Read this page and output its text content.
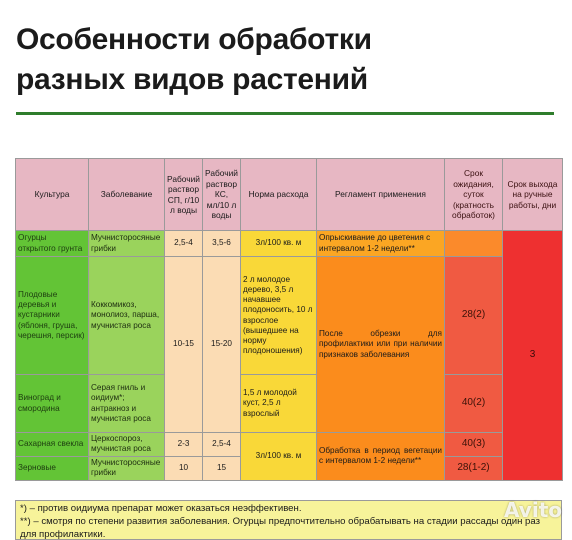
Особенности обработки
разных видов растений
Культура	Заболевание	Рабочий раствор СП, г/10 л воды	Рабочий раствор КС, мл/10 л воды	Норма расхода	Регламент применения	Срок ожидания, суток (кратность обработок)	Срок выхода на ручные работы, дни
Огурцы открытого грунта	Мучнисторосяные грибки	2,5-4	3,5-6	3л/100 кв. м	Опрыскивание до цветения с интервалом 1-2 недели**		3
Плодовые деревья и кустарники (яблоня, груша, черешня, персик)	Коккомикоз, монолиоз, парша, мучнистая роса	10-15	15-20	2 л молодое дерево, 3,5 л начавшее плодоносить, 10 л взрослое (вышедшее на норму плодоношения)	После обрезки для профилактики или при наличии признаков заболевания	28(2)	
Виноград и смородина	Серая гниль и оидиум*; антракноз и мучнистая роса			1,5 л молодой куст, 2,5 л взрослый		40(2)	
Сахарная свекла	Церкоспороз, мучнистая роса	2-3	2,5-4	3л/100 кв. м	Обработка в период вегетации с интервалом 1-2 недели**	40(3)	
Зерновые	Мучнисторосяные грибки	10	15			28(1-2)	
*) – против оидиума препарат может оказаться неэффективен.
**) – смотря по степени развития заболевания. Огурцы предпочтительно обрабатывать на стадии рассады один раз для профилактики.
Avito
